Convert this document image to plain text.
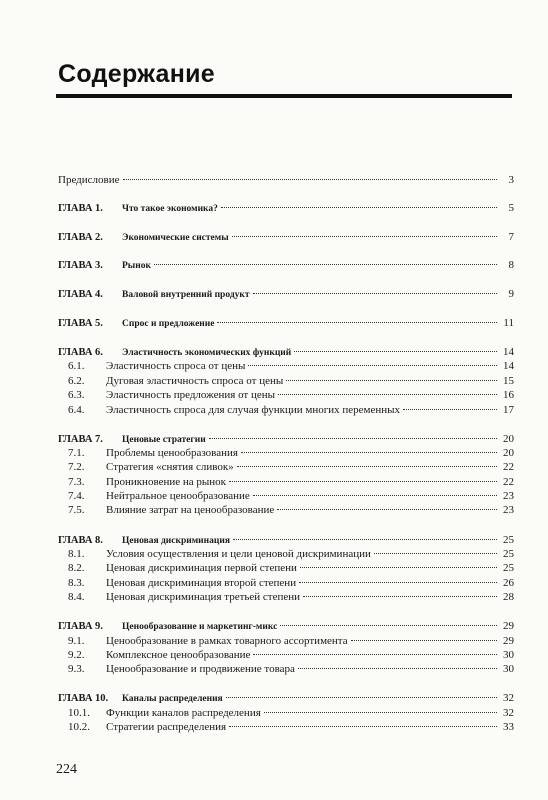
Содержание
Предисловие	3
ГЛАВА 1.	Что такое экономика?	5
ГЛАВА 2.	Экономические системы	7
ГЛАВА 3.	Рынок	8
ГЛАВА 4.	Валовой внутренний продукт	9
ГЛАВА 5.	Спрос и предложение	11
ГЛАВА 6.	Эластичность экономических функций	14
6.1.	Эластичность спроса от цены	14
6.2.	Дуговая эластичность спроса от цены	15
6.3.	Эластичность предложения от цены	16
6.4.	Эластичность спроса для случая функции многих переменных	17
ГЛАВА 7.	Ценовые стратегии	20
7.1.	Проблемы ценообразования	20
7.2.	Стратегия «снятия сливок»	22
7.3.	Проникновение на рынок	22
7.4.	Нейтральное ценообразование	23
7.5.	Влияние затрат на ценообразование	23
ГЛАВА 8.	Ценовая дискриминация	25
8.1.	Условия осуществления и цели ценовой дискриминации	25
8.2.	Ценовая дискриминация первой степени	25
8.3.	Ценовая дискриминация второй степени	26
8.4.	Ценовая дискриминация третьей степени	28
ГЛАВА 9.	Ценообразование и маркетинг-микс	29
9.1.	Ценообразование в рамках товарного ассортимента	29
9.2.	Комплексное ценообразование	30
9.3.	Ценообразование и продвижение товара	30
ГЛАВА 10.	Каналы распределения	32
10.1.	Функции каналов распределения	32
10.2.	Стратегии распределения	33
224
